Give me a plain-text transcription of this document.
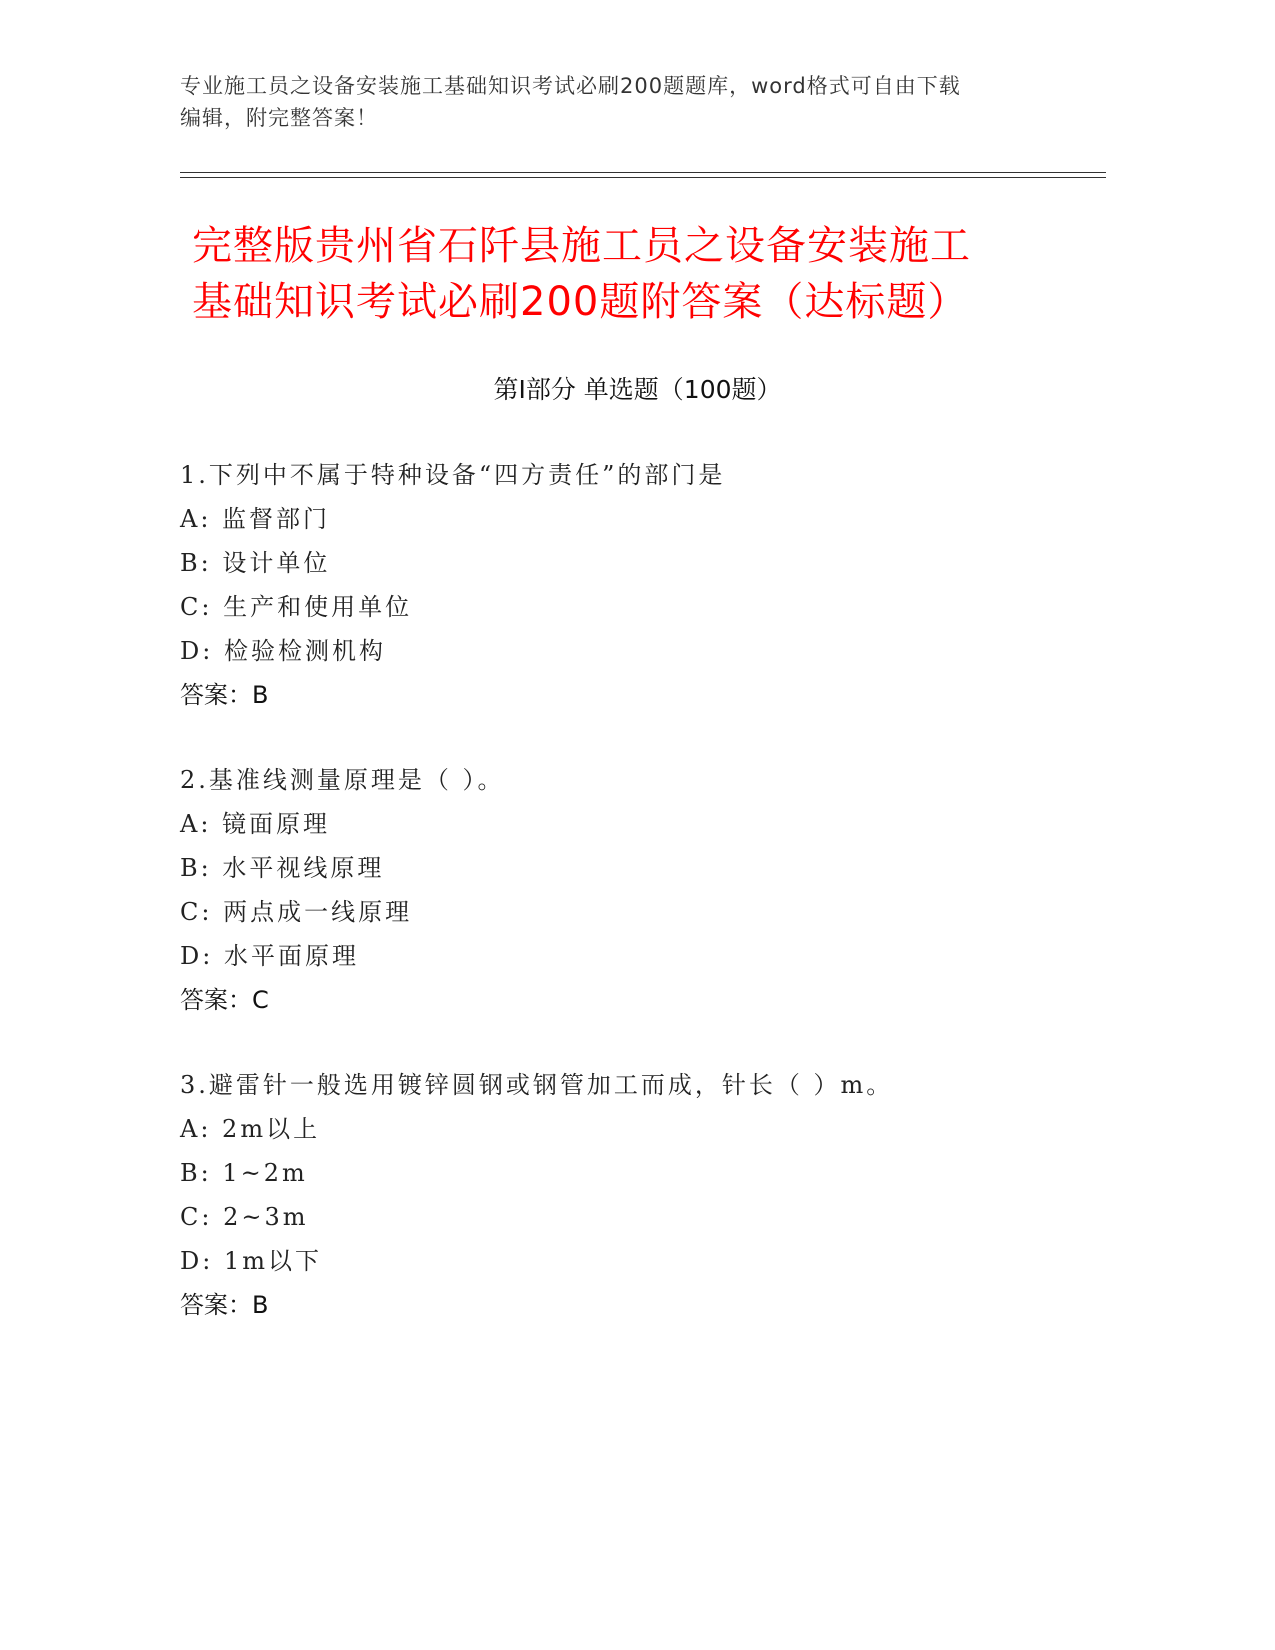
专业施工员之设备安装施工基础知识考试必刷200题题库，word格式可自由下载
编辑，附完整答案！
完整版贵州省石阡县施工员之设备安装施工
基础知识考试必刷200题附答案（达标题）
第Ⅰ部分 单选题（100题）
1.下列中不属于特种设备“四方责任”的部门是
A: 监督部门
B: 设计单位
C: 生产和使用单位
D: 检验检测机构
答案：B
2.基准线测量原理是（ ）。
A: 镜面原理
B: 水平视线原理
C: 两点成一线原理
D: 水平面原理
答案：C
3.避雷针一般选用镀锌圆钢或钢管加工而成，针长（ ）m。
A: 2m以上
B: 1~2m
C: 2~3m
D: 1m以下
答案：B
